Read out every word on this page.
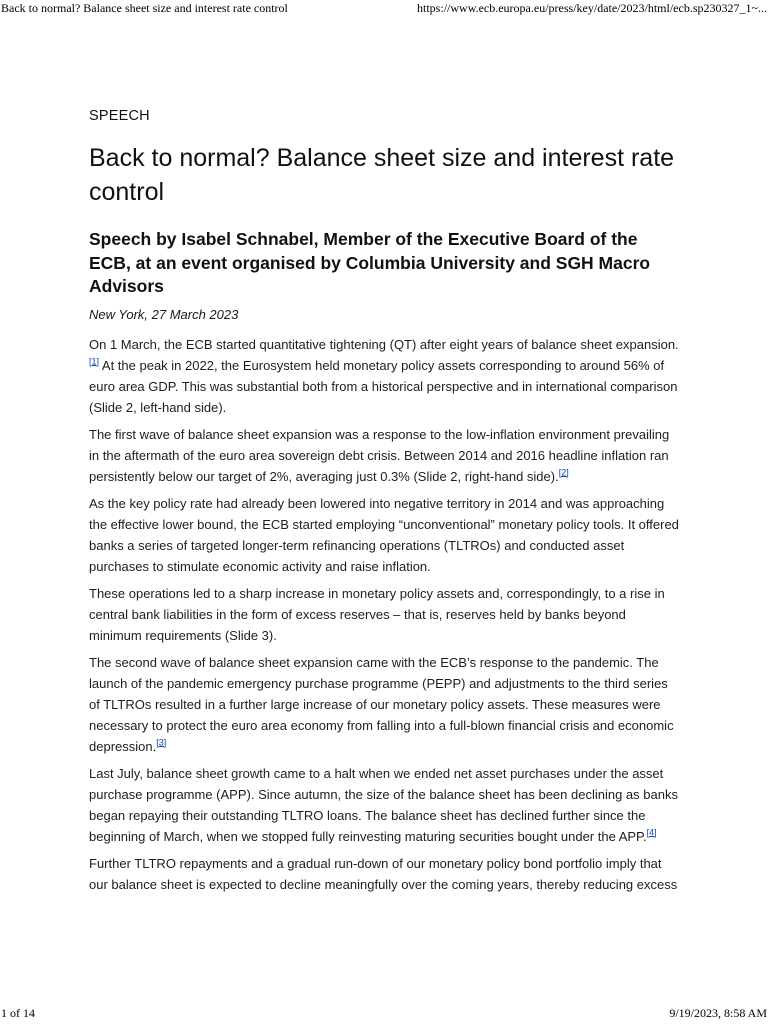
Back to normal? Balance sheet size and interest rate control	https://www.ecb.europa.eu/press/key/date/2023/html/ecb.sp230327_1~...
SPEECH
Back to normal? Balance sheet size and interest rate control
Speech by Isabel Schnabel, Member of the Executive Board of the ECB, at an event organised by Columbia University and SGH Macro Advisors
New York, 27 March 2023

On 1 March, the ECB started quantitative tightening (QT) after eight years of balance sheet expansion.[1] At the peak in 2022, the Eurosystem held monetary policy assets corresponding to around 56% of euro area GDP. This was substantial both from a historical perspective and in international comparison (Slide 2, left-hand side).

The first wave of balance sheet expansion was a response to the low-inflation environment prevailing in the aftermath of the euro area sovereign debt crisis. Between 2014 and 2016 headline inflation ran persistently below our target of 2%, averaging just 0.3% (Slide 2, right-hand side).[2]

As the key policy rate had already been lowered into negative territory in 2014 and was approaching the effective lower bound, the ECB started employing “unconventional” monetary policy tools. It offered banks a series of targeted longer-term refinancing operations (TLTROs) and conducted asset purchases to stimulate economic activity and raise inflation.

These operations led to a sharp increase in monetary policy assets and, correspondingly, to a rise in central bank liabilities in the form of excess reserves – that is, reserves held by banks beyond minimum requirements (Slide 3).

The second wave of balance sheet expansion came with the ECB’s response to the pandemic. The launch of the pandemic emergency purchase programme (PEPP) and adjustments to the third series of TLTROs resulted in a further large increase of our monetary policy assets. These measures were necessary to protect the euro area economy from falling into a full-blown financial crisis and economic depression.[3]

Last July, balance sheet growth came to a halt when we ended net asset purchases under the asset purchase programme (APP). Since autumn, the size of the balance sheet has been declining as banks began repaying their outstanding TLTRO loans. The balance sheet has declined further since the beginning of March, when we stopped fully reinvesting maturing securities bought under the APP.[4]

Further TLTRO repayments and a gradual run-down of our monetary policy bond portfolio imply that our balance sheet is expected to decline meaningfully over the coming years, thereby reducing excess

1 of 14	9/19/2023, 8:58 AM
